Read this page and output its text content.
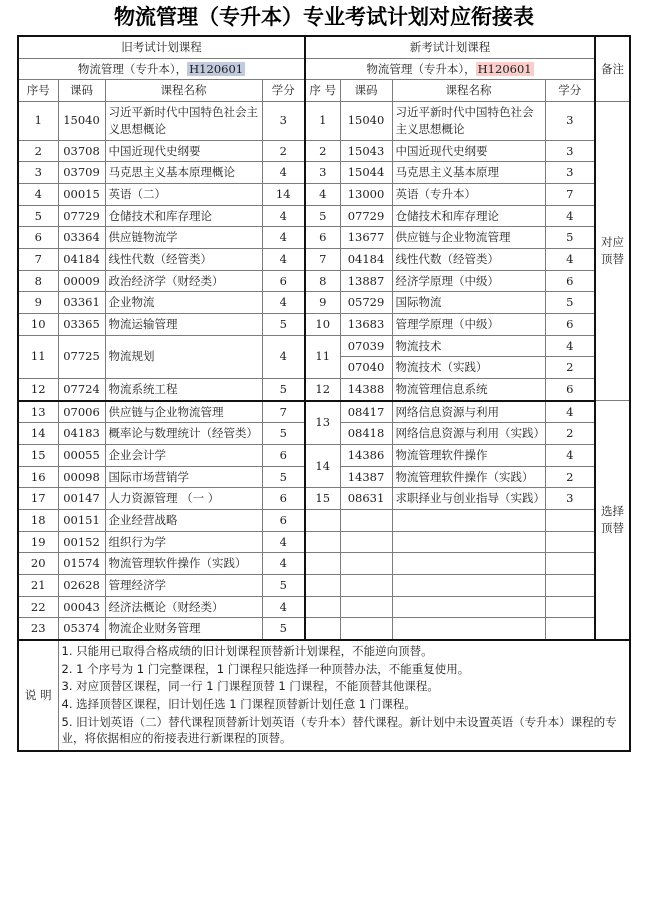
物流管理（专升本）专业考试计划对应衔接表
旧考试计划课程				新考试计划课程				备注
物流管理（专升本）， H120601				物流管理（专升本）， H120601				
序号	课码	课程名称	学分	序 号	课码	课程名称	学分	
1	15040	习近平新时代中国特色社会主义思想概论	3	1	15040	习近平新时代中国特色社会主义思想概论	3	对应 顶替
2	03708	中国近现代史纲要	2	2	15043	中国近现代史纲要	3	
3	03709	马克思主义基本原理概论	4	3	15044	马克思主义基本原理	3	
4	00015	英语（二）	14	4	13000	英语（专升本）	7	
5	07729	仓储技术和库存理论	4	5	07729	仓储技术和库存理论	4	
6	03364	供应链物流学	4	6	13677	供应链与企业物流管理	5	
7	04184	线性代数（经管类）	4	7	04184	线性代数（经管类）	4	
8	00009	政治经济学（财经类）	6	8	13887	经济学原理（中级）	6	
9	03361	企业物流	4	9	05729	国际物流	5	
10	03365	物流运输管理	5	10	13683	管理学原理（中级）	6	
11	07725	物流规划	4	11	07039	物流技术	4	
					07040	物流技术（实践）	2	
12	07724	物流系统工程	5	12	14388	物流管理信息系统	6	
13	07006	供应链与企业物流管理	7	13	08417	网络信息资源与利用	4	选择 顶替
14	04183	概率论与数理统计（经管类）	5		08418	网络信息资源与利用（实践）	2	
15	00055	企业会计学	6	14	14386	物流管理软件操作	4	
16	00098	国际市场营销学	5		14387	物流管理软件操作（实践）	2	
17	00147	人力资源管理 （一 ）	6	15	08631	求职择业与创业指导（实践）	3	
18	00151	企业经营战略	6					
19	00152	组织行为学	4					
20	01574	物流管理软件操作（实践）	4					
21	02628	管理经济学	5					
22	00043	经济法概论（财经类）	4					
23	05374	物流企业财务管理	5					
说 明	1. 只能用已取得合格成绩的旧计划课程顶替新计划课程，不能逆向顶替。

2. 1 个序号为 1 门完整课程，1 门课程只能选择一种顶替办法，不能重复使用。

3. 对应顶替区课程，同一行 1 门课程顶替 1 门课程，不能顶替其他课程。

4. 选择顶替区课程，旧计划任选 1 门课程顶替新计划任意 1 门课程。

5. 旧计划英语（二）替代课程顶替新计划英语（专升本）替代课程。新计划中未设置英语（专升本）课程的专业，将依据相应的衔接表进行新课程的顶替。							
